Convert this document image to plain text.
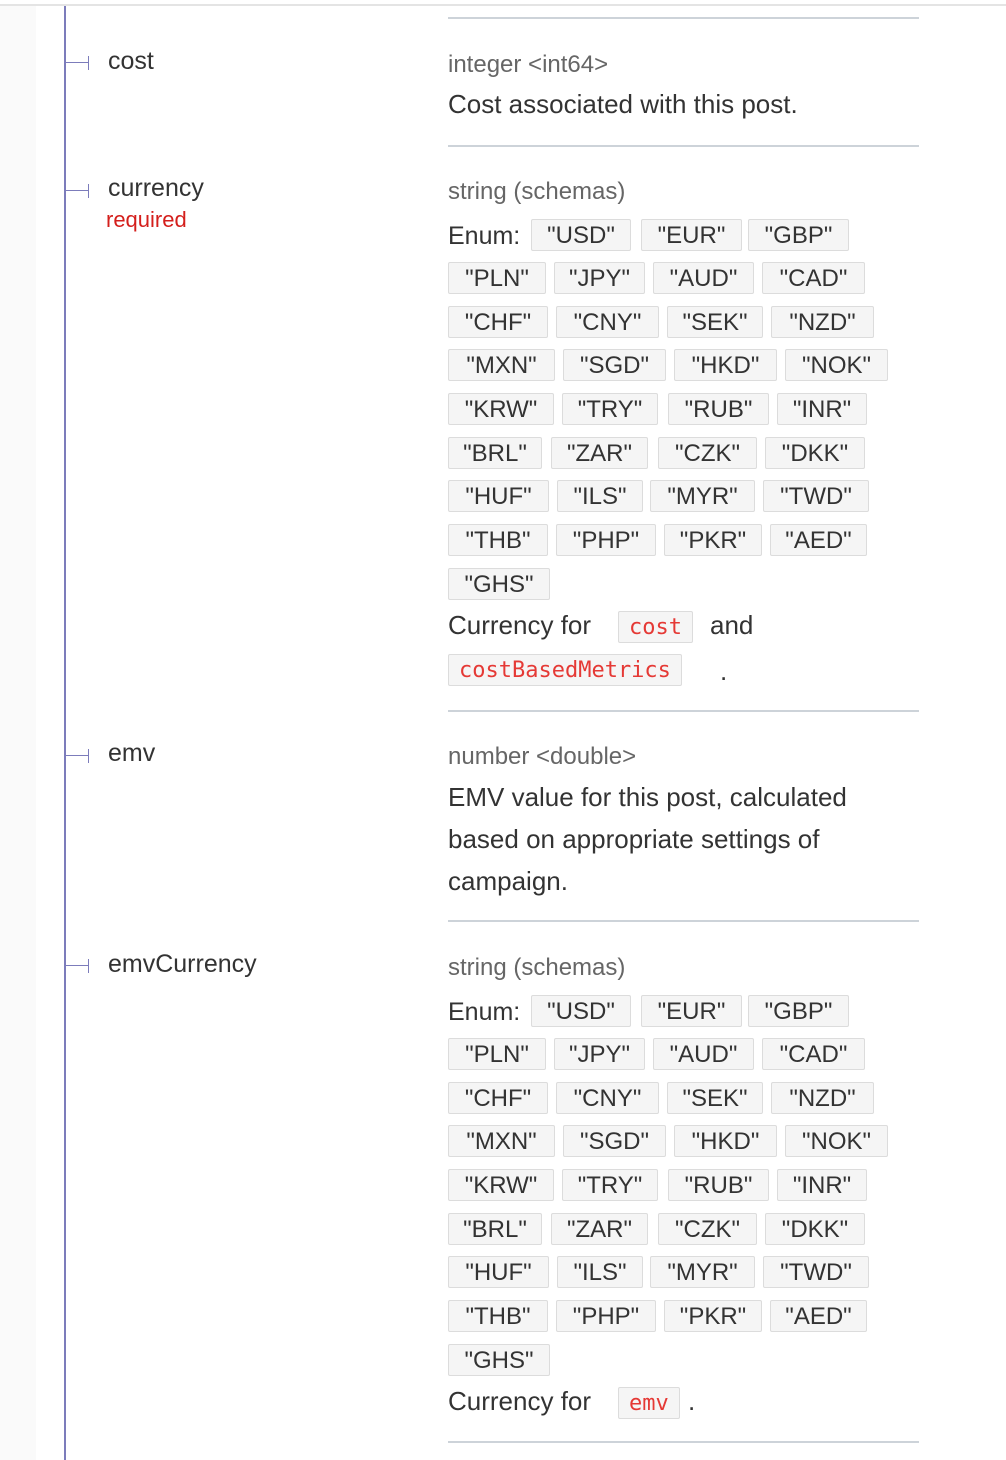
cost	integer <int64>
Cost associated with this post.
currency
required
string (schemas)
Enum:	"USD"	"EUR"	"GBP"
"PLN"	"JPY"	"AUD"	"CAD"
"CHF"	"CNY"	"SEK"	"NZD"
"MXN"	"SGD"	"HKD"	"NOK"
"KRW"	"TRY"	"RUB"	"INR"
"BRL"	"ZAR"	"CZK"	"DKK"
"HUF"	"ILS"	"MYR"	"TWD"
"THB"	"PHP"	"PKR"	"AED"
"GHS"
Currency for	cost	and
costBasedMetrics	.
emv	number <double>
EMV value for this post, calculated based on appropriate settings of campaign.
emvCurrency	string (schemas)
Enum:	"USD"	"EUR"	"GBP"
"PLN"	"JPY"	"AUD"	"CAD"
"CHF"	"CNY"	"SEK"	"NZD"
"MXN"	"SGD"	"HKD"	"NOK"
"KRW"	"TRY"	"RUB"	"INR"
"BRL"	"ZAR"	"CZK"	"DKK"
"HUF"	"ILS"	"MYR"	"TWD"
"THB"	"PHP"	"PKR"	"AED"
"GHS"
Currency for	emv .
